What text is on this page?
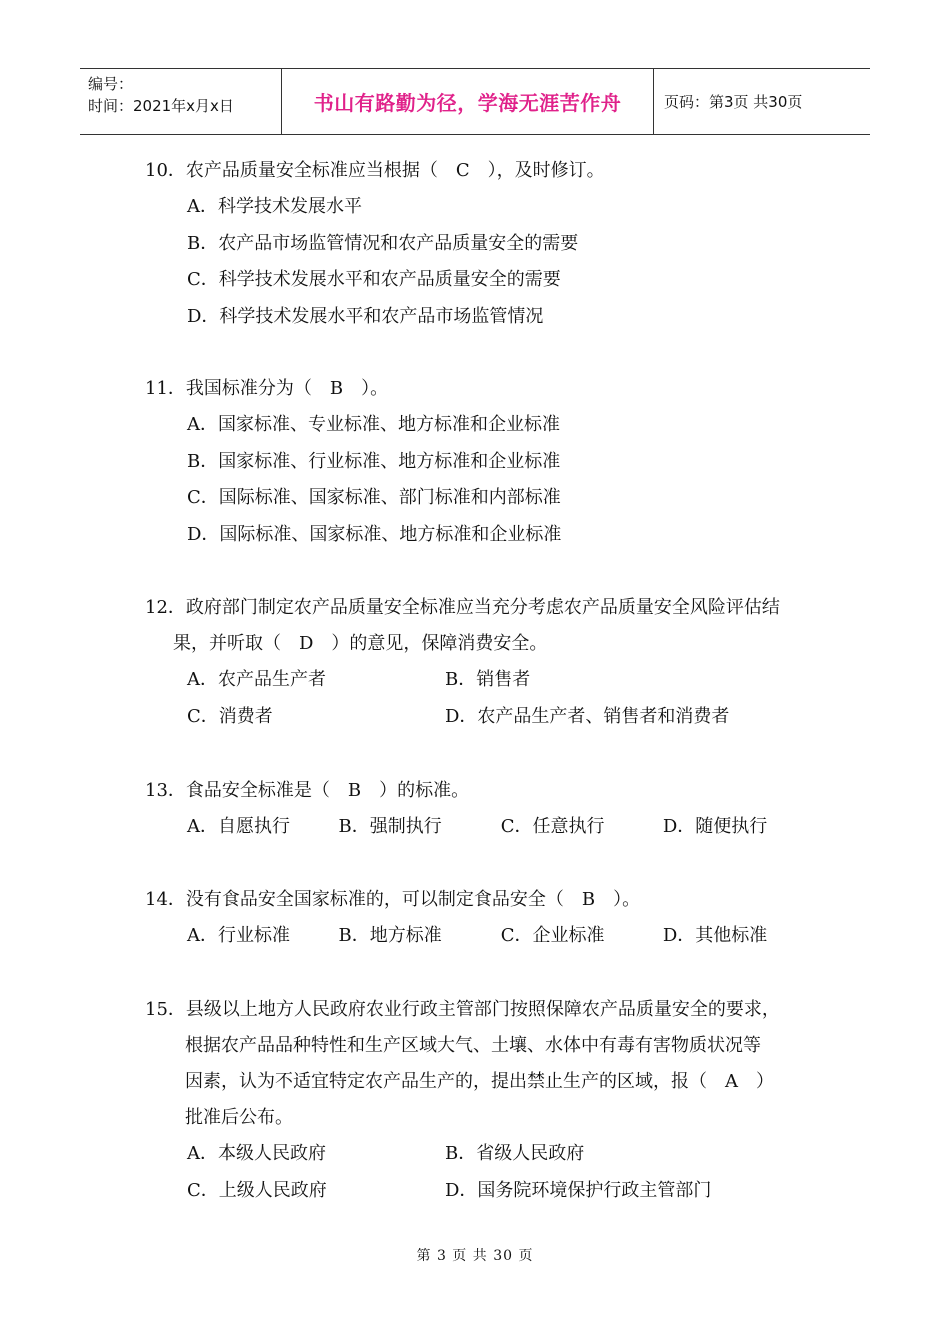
编号：
时间：2021年x月x日	书山有路勤为径，学海无涯苦作舟	页码：第3页 共30页
10．农产品质量安全标准应当根据（　C　），及时修订。
A．科学技术发展水平
B．农产品市场监管情况和农产品质量安全的需要
C．科学技术发展水平和农产品质量安全的需要
D．科学技术发展水平和农产品市场监管情况
11．我国标准分为（　B　）。
A．国家标准、专业标准、地方标准和企业标准
B．国家标准、行业标准、地方标准和企业标准
C．国际标准、国家标准、部门标准和内部标准
D．国际标准、国家标准、地方标准和企业标准
12．政府部门制定农产品质量安全标准应当充分考虑农产品质量安全风险评估结
果，并听取（　D　）的意见，保障消费安全。
A．农产品生产者	B．销售者
C．消费者	D．农产品生产者、销售者和消费者
13．食品安全标准是（　B　）的标准。
A．自愿执行	B．强制执行	C．任意执行	D．随便执行
14．没有食品安全国家标准的，可以制定食品安全（　B　）。
A．行业标准	B．地方标准	C．企业标准	D．其他标准
15．县级以上地方人民政府农业行政主管部门按照保障农产品质量安全的要求，
根据农产品品种特性和生产区域大气、土壤、水体中有毒有害物质状况等
因素，认为不适宜特定农产品生产的，提出禁止生产的区域，报（　A　）
批准后公布。
A．本级人民政府	B．省级人民政府
C．上级人民政府	D．国务院环境保护行政主管部门
第 3 页 共 30 页
